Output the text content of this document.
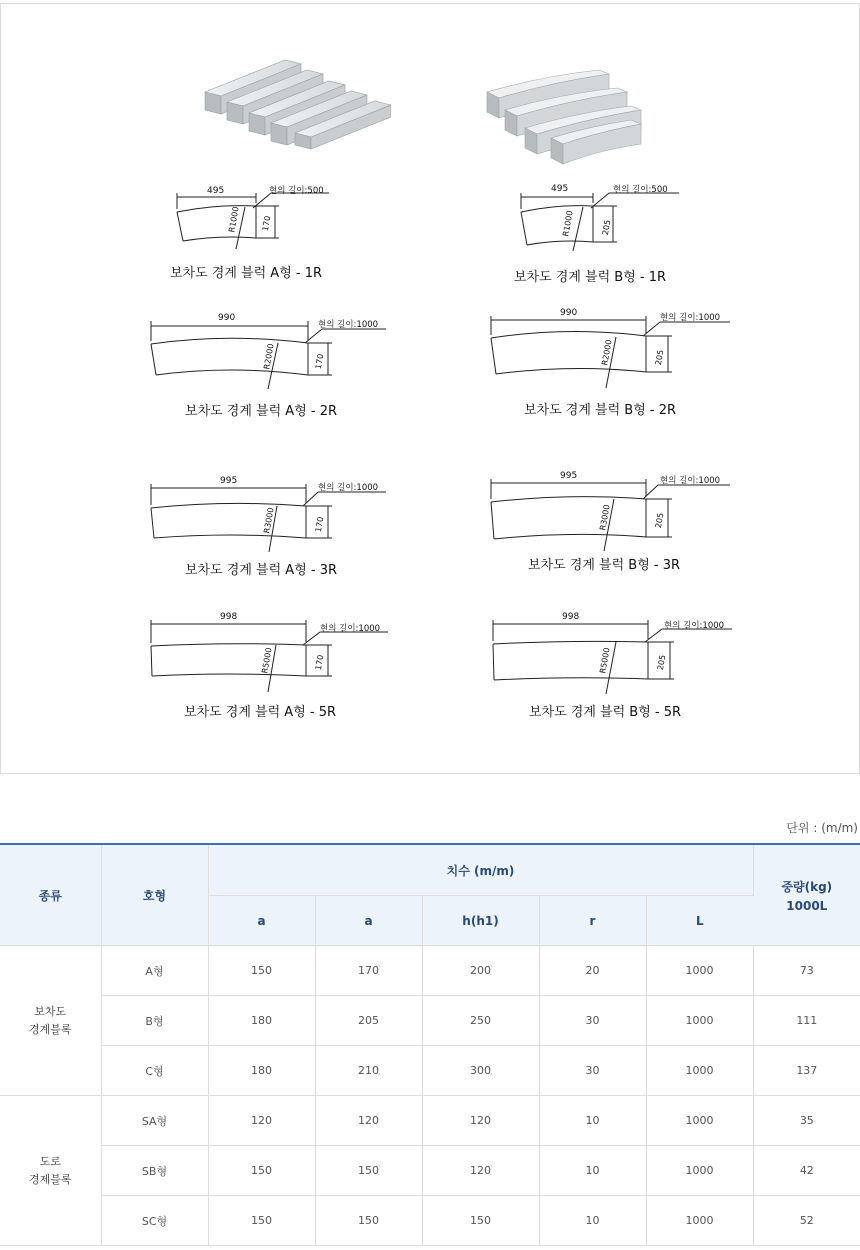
495	현의 길이:500
R1000	170
보차도 경계 블럭 A형 - 1R
495	현의 길이:500
R1000	205
보차도 경계 블럭 B형 - 1R
990
현의 길이:1000
R2000	170
보차도 경계 블럭 A형 - 2R
990	현의 길이:1000
R2000	205
보차도 경계 블럭 B형 - 2R
995
현의 길이:1000
R3000	170
보차도 경계 블럭 A형 - 3R
995	현의 길이:1000
R3000	205
보차도 경계 블럭 B형 - 3R
998
현의 길이:1000
R5000	170
보차도 경계 블럭 A형 - 5R
998
현의 길이:1000
R5000	205
보차도 경계 블럭 B형 - 5R
단위 : (m/m)
종류	호형	치수 (m/m)					중량(kg)
1000L

		a	a	h(h1)	r	L	

보차도
경계블록	A형	150	170	200	20	1000	73
	B형	180	205	250	30	1000	111
	C형	180	210	300	30	1000	137

도로
경제블록	SA형	120	120	120	10	1000	35
	SB형	150	150	120	10	1000	42
	SC형	150	150	150	10	1000	52
